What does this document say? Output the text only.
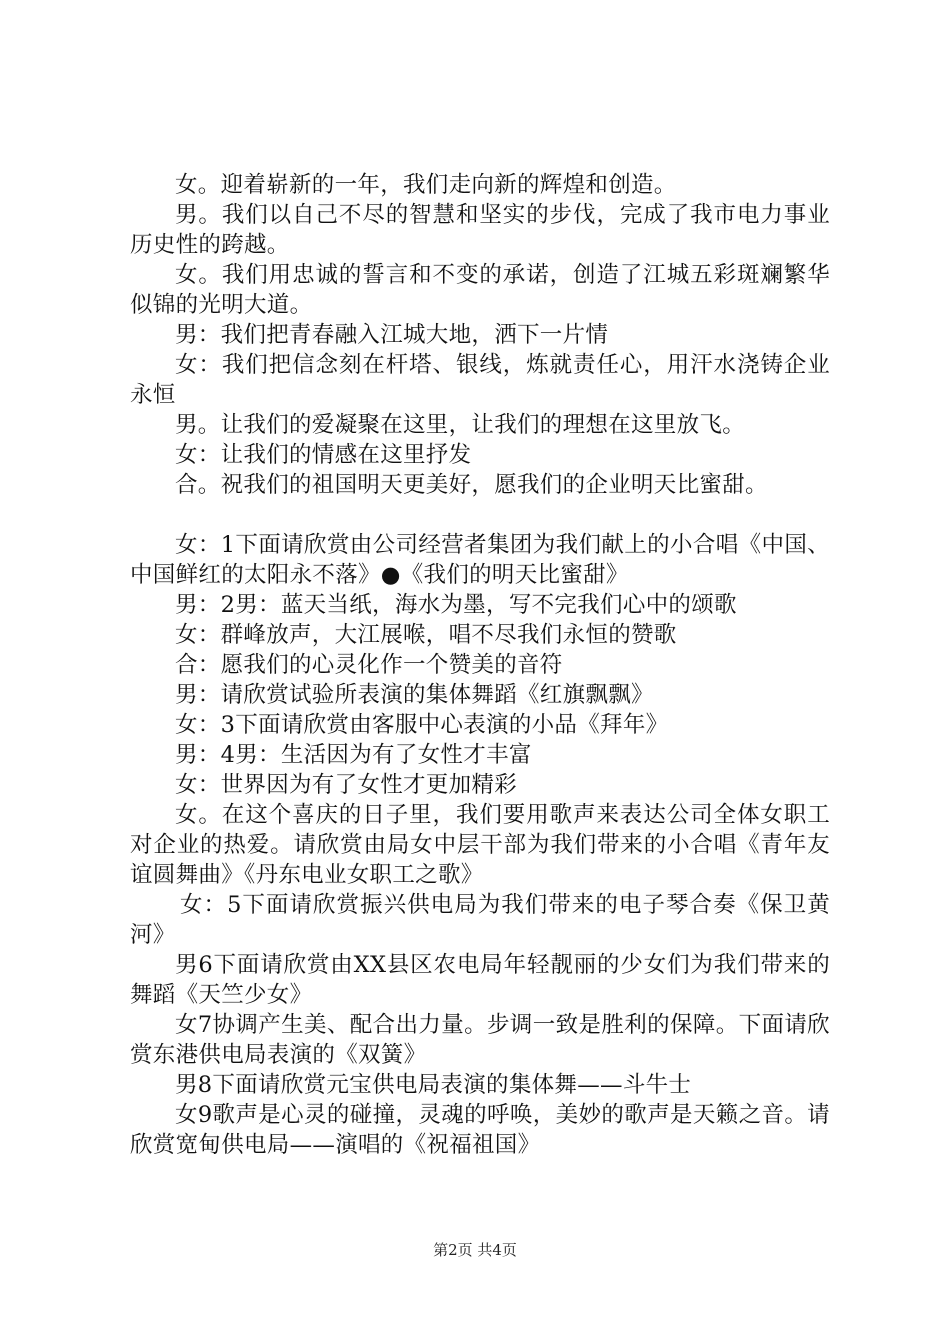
女。迎着崭新的一年，我们走向新的辉煌和创造。

男。我们以自己不尽的智慧和坚实的步伐，完成了我市电力事业历史性的跨越。

女。我们用忠诚的誓言和不变的承诺，创造了江城五彩斑斓繁华似锦的光明大道。

男：我们把青春融入江城大地，洒下一片情

女：我们把信念刻在杆塔、银线，炼就责任心，用汗水浇铸企业永恒

男。让我们的爱凝聚在这里，让我们的理想在这里放飞。

女：让我们的情感在这里抒发

合。祝我们的祖国明天更美好，愿我们的企业明天比蜜甜。

女：1下面请欣赏由公司经营者集团为我们献上的小合唱《中国、中国鲜红的太阳永不落》●《我们的明天比蜜甜》

男：2男：蓝天当纸，海水为墨，写不完我们心中的颂歌

女：群峰放声，大江展喉，唱不尽我们永恒的赞歌

合：愿我们的心灵化作一个赞美的音符

男：请欣赏试验所表演的集体舞蹈《红旗飘飘》

女：3下面请欣赏由客服中心表演的小品《拜年》

男：4男：生活因为有了女性才丰富

女：世界因为有了女性才更加精彩

女。在这个喜庆的日子里，我们要用歌声来表达公司全体女职工对企业的热爱。请欣赏由局女中层干部为我们带来的小合唱《青年友谊圆舞曲》《丹东电业女职工之歌》

女：5下面请欣赏振兴供电局为我们带来的电子琴合奏《保卫黄河》

男6下面请欣赏由XX县区农电局年轻靓丽的少女们为我们带来的舞蹈《天竺少女》

女7协调产生美、配合出力量。步调一致是胜利的保障。下面请欣赏东港供电局表演的《双簧》

男8下面请欣赏元宝供电局表演的集体舞——斗牛士

女9歌声是心灵的碰撞，灵魂的呼唤，美妙的歌声是天籁之音。请欣赏宽甸供电局——演唱的《祝福祖国》

第2页 共4页
